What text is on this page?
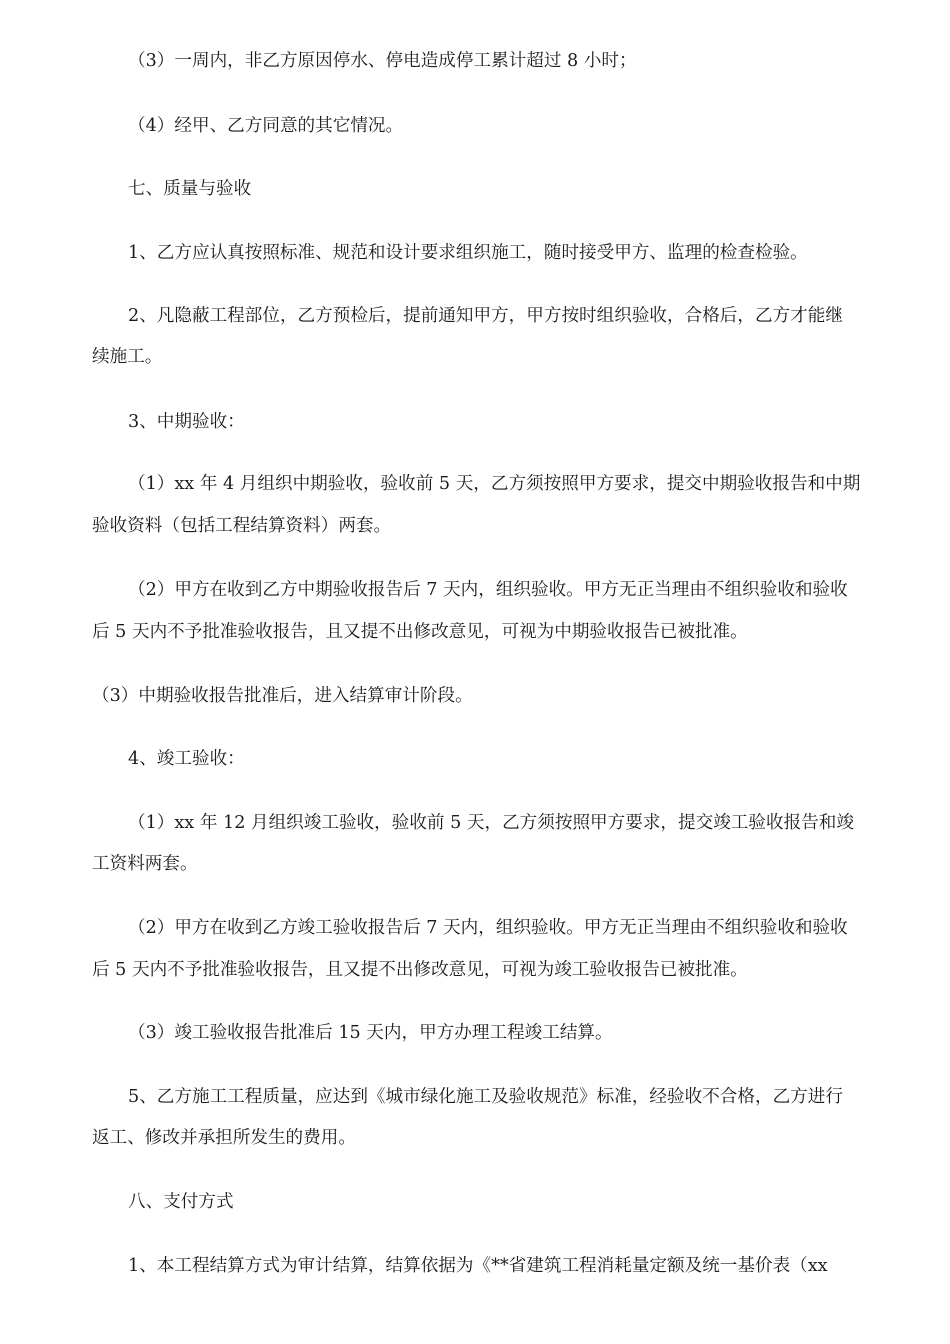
（3）一周内，非乙方原因停水、停电造成停工累计超过 8 小时；
（4）经甲、乙方同意的其它情况。
七、质量与验收
1、乙方应认真按照标准、规范和设计要求组织施工，随时接受甲方、监理的检查检验。
2、凡隐蔽工程部位，乙方预检后，提前通知甲方，甲方按时组织验收，合格后，乙方才能继
续施工。
3、中期验收：
（1）xx 年 4 月组织中期验收，验收前 5 天，乙方须按照甲方要求，提交中期验收报告和中期
验收资料（包括工程结算资料）两套。
（2）甲方在收到乙方中期验收报告后 7 天内，组织验收。甲方无正当理由不组织验收和验收
后 5 天内不予批准验收报告，且又提不出修改意见，可视为中期验收报告已被批准。
（3）中期验收报告批准后，进入结算审计阶段。
4、竣工验收：
（1）xx 年 12 月组织竣工验收，验收前 5 天，乙方须按照甲方要求，提交竣工验收报告和竣
工资料两套。
（2）甲方在收到乙方竣工验收报告后 7 天内，组织验收。甲方无正当理由不组织验收和验收
后 5 天内不予批准验收报告，且又提不出修改意见，可视为竣工验收报告已被批准。
（3）竣工验收报告批准后 15 天内，甲方办理工程竣工结算。
5、乙方施工工程质量，应达到《城市绿化施工及验收规范》标准，经验收不合格，乙方进行
返工、修改并承担所发生的费用。
八、支付方式
1、本工程结算方式为审计结算，结算依据为《**省建筑工程消耗量定额及统一基价表（xx
